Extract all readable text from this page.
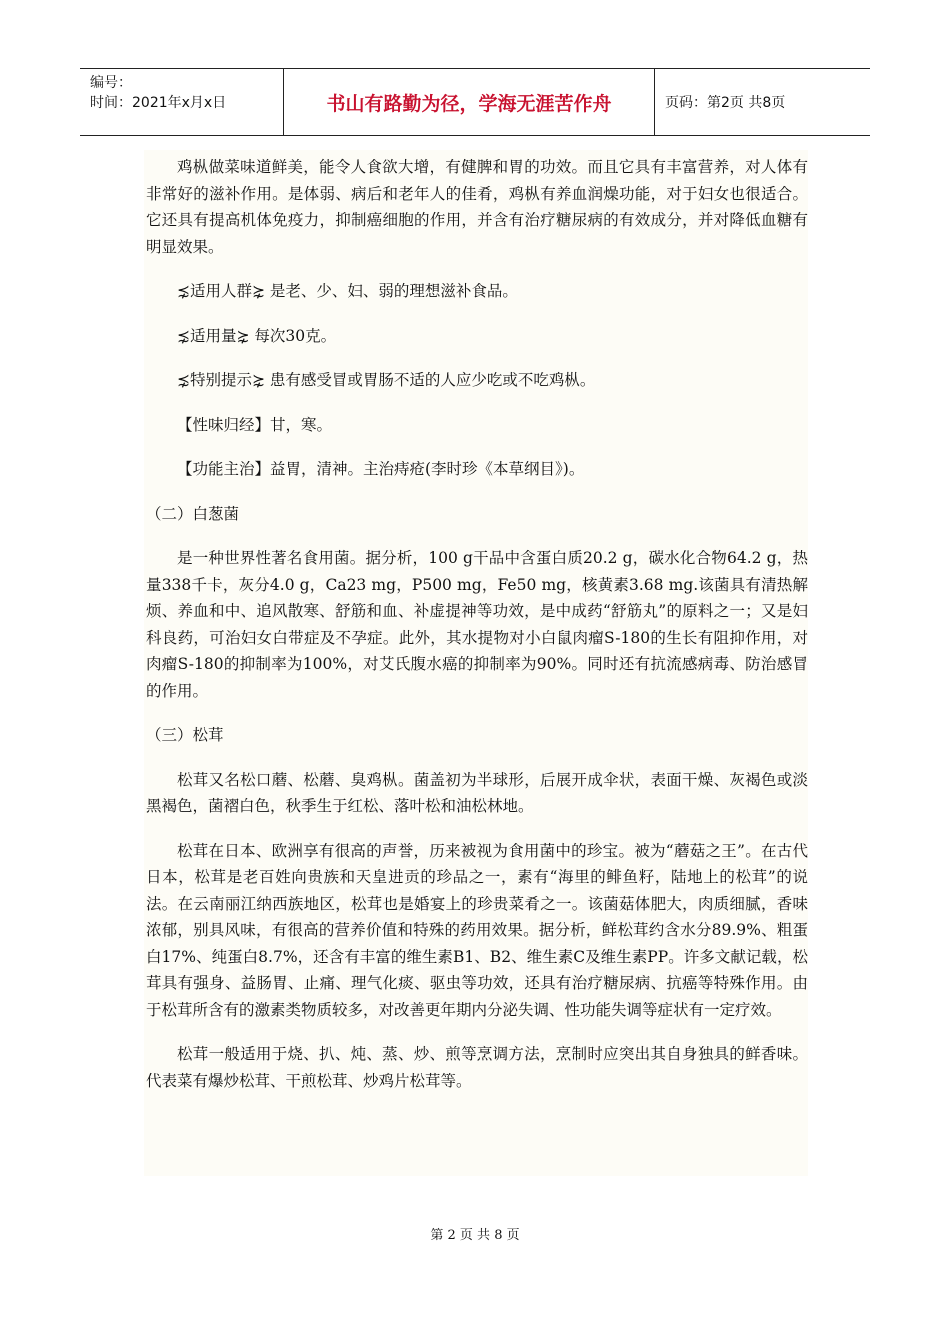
编号：
时间：2021年x月x日	书山有路勤为径，学海无涯苦作舟	页码：第2页 共8页

鸡枞做菜味道鲜美，能令人食欲大增，有健脾和胃的功效。而且它具有丰富营养，对人体有非常好的滋补作用。是体弱、病后和老年人的佳肴，鸡枞有养血润燥功能，对于妇女也很适合。它还具有提高机体免疫力，抑制癌细胞的作用，并含有治疗糖尿病的有效成分，并对降低血糖有明显效果。

⋨适用人群⋩ 是老、少、妇、弱的理想滋补食品。

⋨适用量⋩ 每次30克。

⋨特别提示⋩ 患有感受冒或胃肠不适的人应少吃或不吃鸡枞。

【性味归经】甘，寒。

【功能主治】益胃，清神。主治痔疮(李时珍《本草纲目》)。

（二）白葱菌

是一种世界性著名食用菌。据分析，100 g干品中含蛋白质20.2 g，碳水化合物64.2 g，热量338千卡，灰分4.0 g，Ca23 mg，P500 mg，Fe50 mg，核黄素3.68 mg.该菌具有清热解烦、养血和中、追风散寒、舒筋和血、补虚提神等功效，是中成药“舒筋丸”的原料之一；又是妇科良药，可治妇女白带症及不孕症。此外，其水提物对小白鼠肉瘤S-180的生长有阻抑作用，对肉瘤S-180的抑制率为100%，对艾氏腹水癌的抑制率为90%。同时还有抗流感病毒、防治感冒的作用。

（三）松茸

松茸又名松口蘑、松蘑、臭鸡枞。菌盖初为半球形，后展开成伞状，表面干燥、灰褐色或淡黑褐色，菌褶白色，秋季生于红松、落叶松和油松林地。

松茸在日本、欧洲享有很高的声誉，历来被视为食用菌中的珍宝。被为“蘑菇之王”。在古代日本，松茸是老百姓向贵族和天皇进贡的珍品之一，素有“海里的鲱鱼籽，陆地上的松茸”的说法。在云南丽江纳西族地区，松茸也是婚宴上的珍贵菜肴之一。该菌菇体肥大，肉质细腻，香味浓郁，别具风味，有很高的营养价值和特殊的药用效果。据分析，鲜松茸约含水分89.9%、粗蛋白17%、纯蛋白8.7%，还含有丰富的维生素B1、B2、维生素C及维生素PP。许多文献记载，松茸具有强身、益肠胃、止痛、理气化痰、驱虫等功效，还具有治疗糖尿病、抗癌等特殊作用。由于松茸所含有的激素类物质较多，对改善更年期内分泌失调、性功能失调等症状有一定疗效。

松茸一般适用于烧、扒、炖、蒸、炒、煎等烹调方法，烹制时应突出其自身独具的鲜香味。代表菜有爆炒松茸、干煎松茸、炒鸡片松茸等。

第 2 页 共 8 页
